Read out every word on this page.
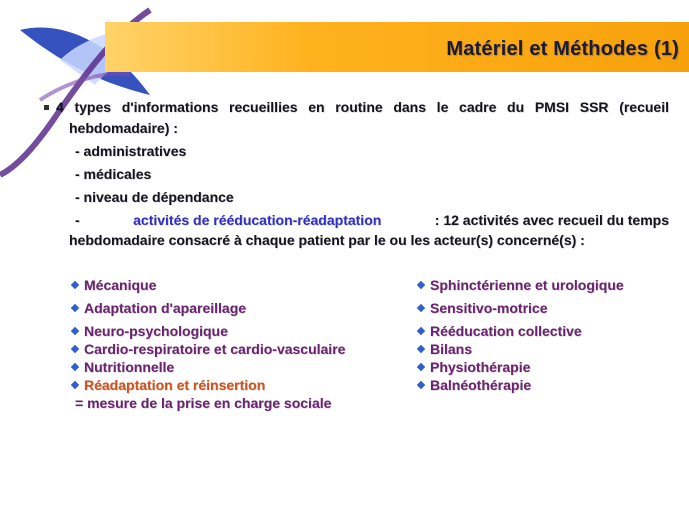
Matériel et Méthodes (1)
4 types d'informations recueillies en routine dans le cadre du PMSI SSR (recueil
hebdomadaire) :
- administratives
- médicales
- niveau de dépendance
-	activités de rééducation-réadaptation	: 12 activités avec recueil du temps
hebdomadaire consacré à chaque patient par le ou les acteur(s) concerné(s) :
Mécanique
Adaptation d'apareillage
Neuro-psychologique
Cardio-respiratoire et cardio-vasculaire
Nutritionnelle
Réadaptation et réinsertion
= mesure de la prise en charge sociale
Sphinctérienne et urologique
Sensitivo-motrice
Rééducation collective
Bilans
Physiothérapie
Balnéothérapie
